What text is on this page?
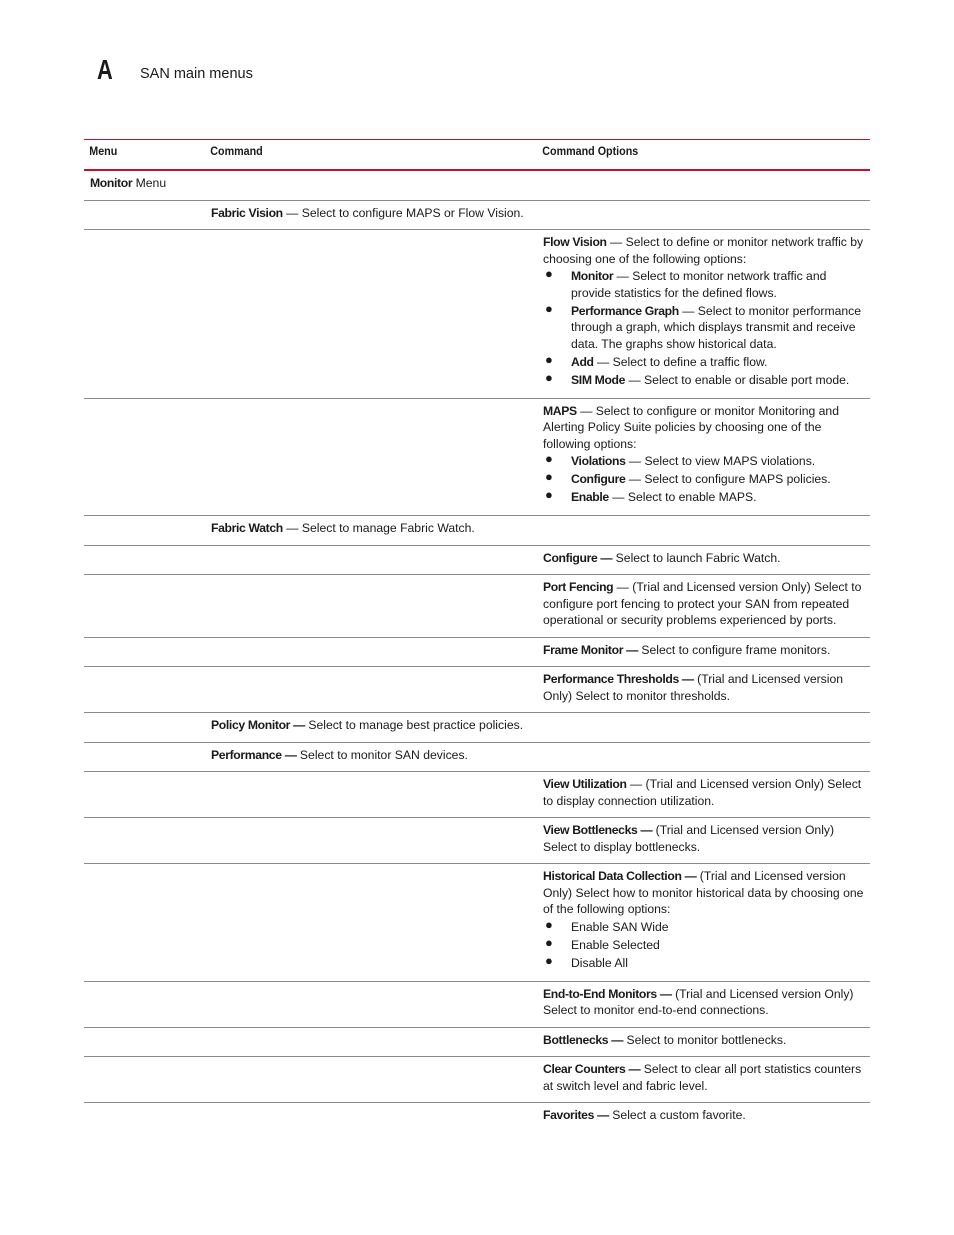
A SAN main menus
Menu	Command	Command Options
Monitor Menu
Fabric Vision — Select to configure MAPS or Flow Vision.
Flow Vision — Select to define or monitor network traffic by choosing one of the following options:
● Monitor — Select to monitor network traffic and provide statistics for the defined flows.
● Performance Graph — Select to monitor performance through a graph, which displays transmit and receive data. The graphs show historical data.
● Add — Select to define a traffic flow.
● SIM Mode — Select to enable or disable port mode.
MAPS — Select to configure or monitor Monitoring and Alerting Policy Suite policies by choosing one of the following options:
● Violations — Select to view MAPS violations.
● Configure — Select to configure MAPS policies.
● Enable — Select to enable MAPS.
Fabric Watch — Select to manage Fabric Watch.
Configure — Select to launch Fabric Watch.
Port Fencing — (Trial and Licensed version Only) Select to configure port fencing to protect your SAN from repeated operational or security problems experienced by ports.
Frame Monitor — Select to configure frame monitors.
Performance Thresholds — (Trial and Licensed version Only) Select to monitor thresholds.
Policy Monitor — Select to manage best practice policies.
Performance — Select to monitor SAN devices.
View Utilization — (Trial and Licensed version Only) Select to display connection utilization.
View Bottlenecks — (Trial and Licensed version Only) Select to display bottlenecks.
Historical Data Collection — (Trial and Licensed version Only) Select how to monitor historical data by choosing one of the following options:
● Enable SAN Wide
● Enable Selected
● Disable All
End-to-End Monitors — (Trial and Licensed version Only) Select to monitor end-to-end connections.
Bottlenecks — Select to monitor bottlenecks.
Clear Counters — Select to clear all port statistics counters at switch level and fabric level.
Favorites — Select a custom favorite.
